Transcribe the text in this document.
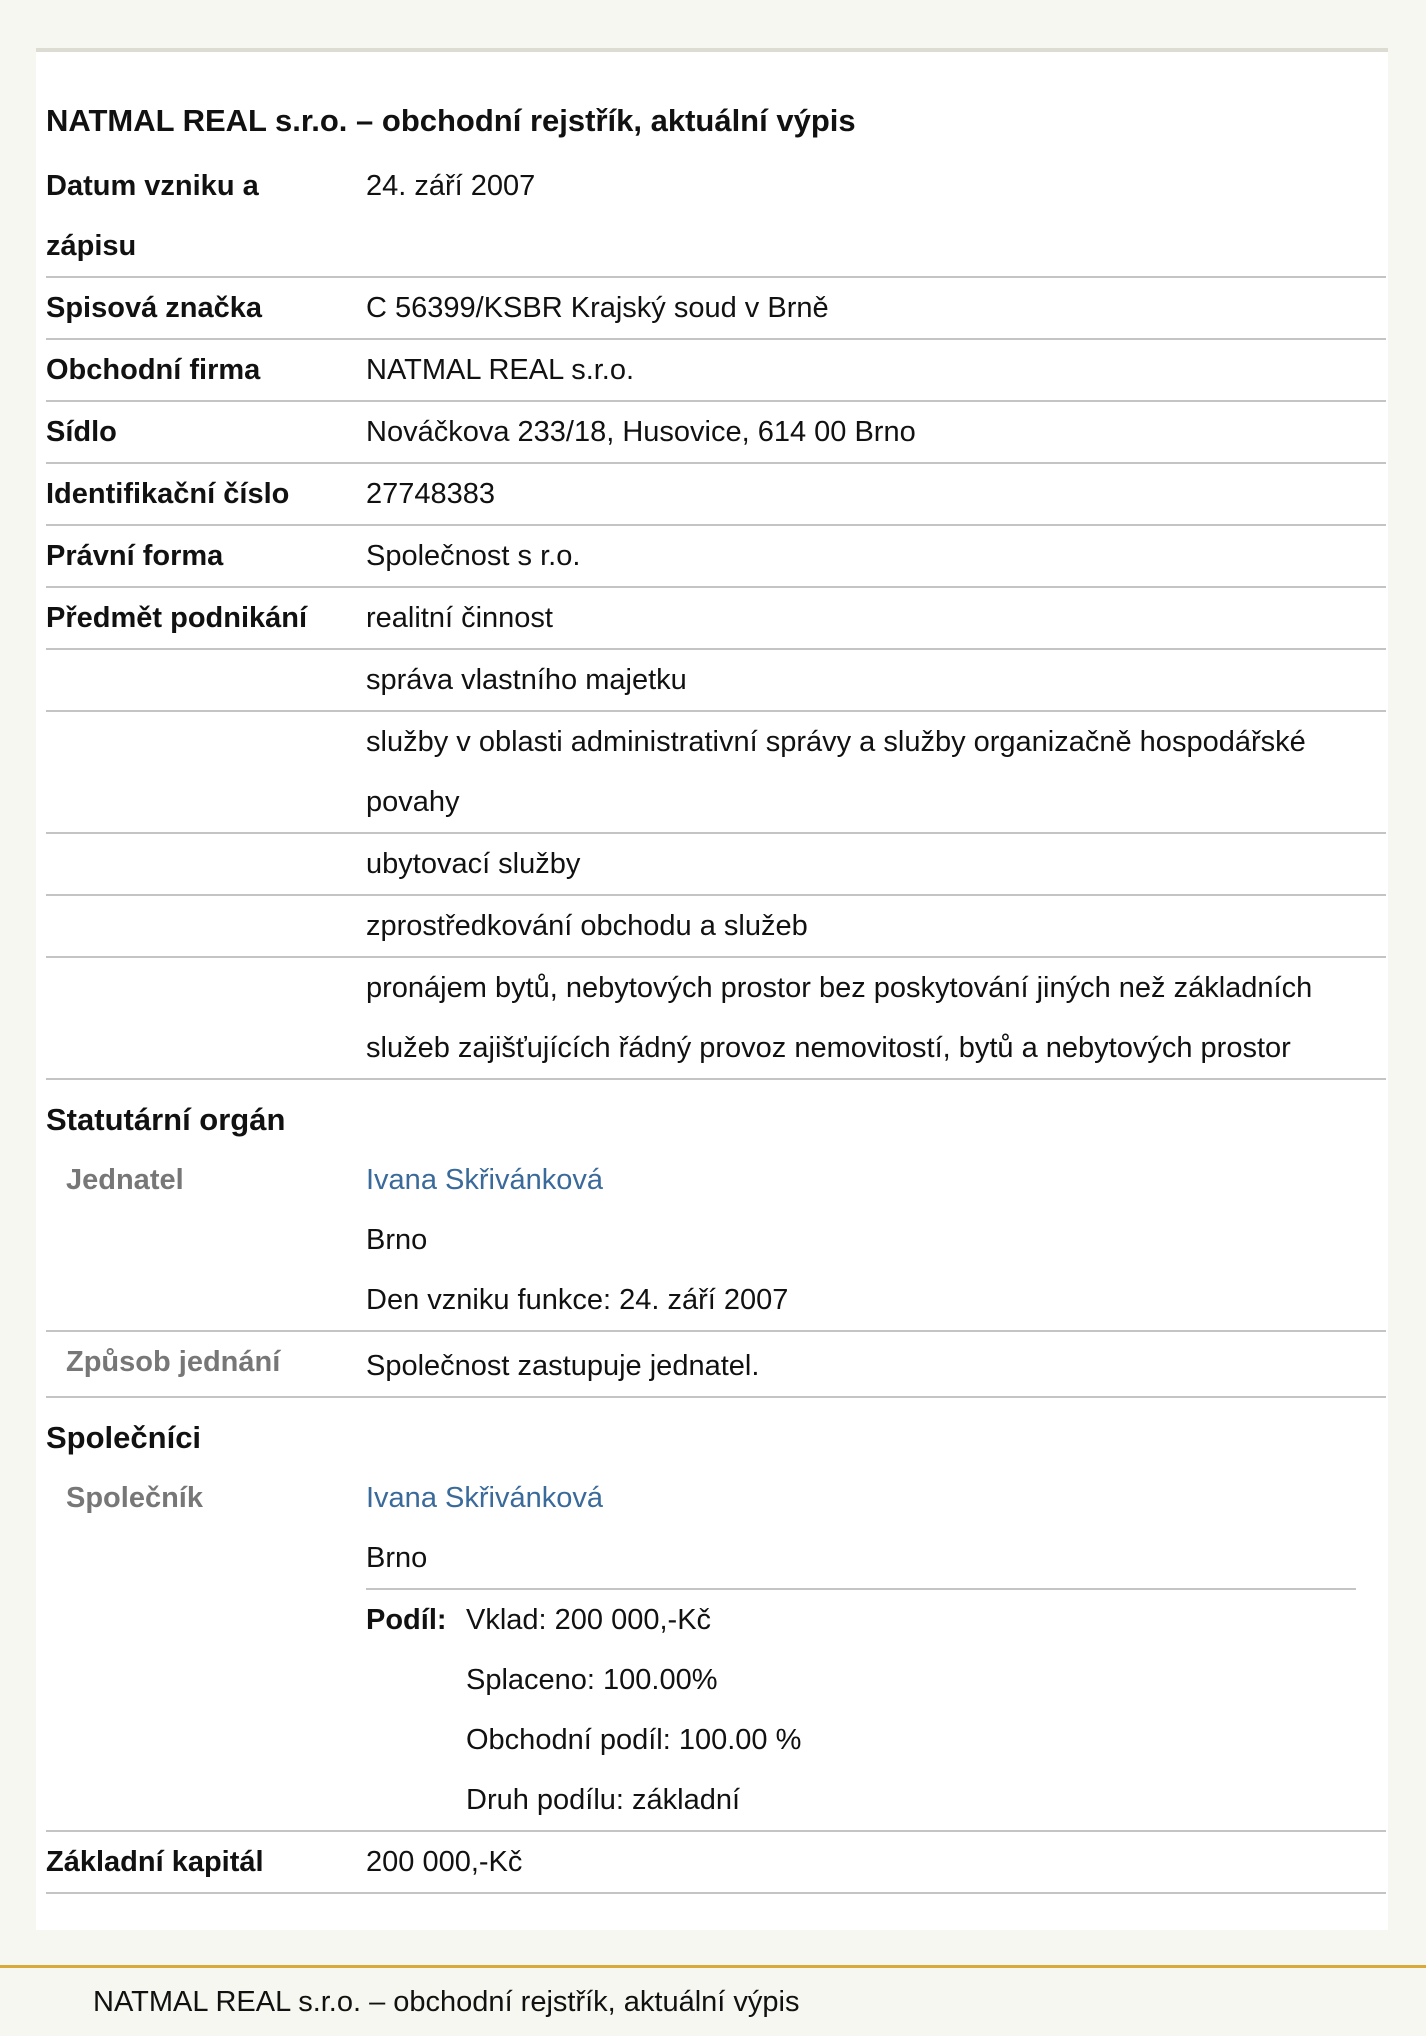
NATMAL REAL s.r.o. – obchodní rejstřík, aktuální výpis
Datum vzniku a zápisu
24. září 2007
Spisová značka	C 56399/KSBR Krajský soud v Brně
Obchodní firma	NATMAL REAL s.r.o.
Sídlo	Nováčkova 233/18, Husovice, 614 00 Brno
Identifikační číslo	27748383
Právní forma	Společnost s r.o.
Předmět podnikání	realitní činnost
správa vlastního majetku
služby v oblasti administrativní správy a služby organizačně hospodářské povahy
ubytovací služby
zprostředkování obchodu a služeb
pronájem bytů, nebytových prostor bez poskytování jiných než základních služeb zajišťujících řádný provoz nemovitostí, bytů a nebytových prostor
Statutární orgán
Jednatel	Ivana Skřivánková
Brno
Den vzniku funkce: 24. září 2007
Způsob jednání	Společnost zastupuje jednatel.
Společníci
Společník	Ivana Skřivánková
Brno
Podíl: Vklad: 200 000,-Kč
Splaceno: 100.00%
Obchodní podíl: 100.00 %
Druh podílu: základní
Základní kapitál	200 000,-Kč
NATMAL REAL s.r.o. – obchodní rejstřík, aktuální výpis
